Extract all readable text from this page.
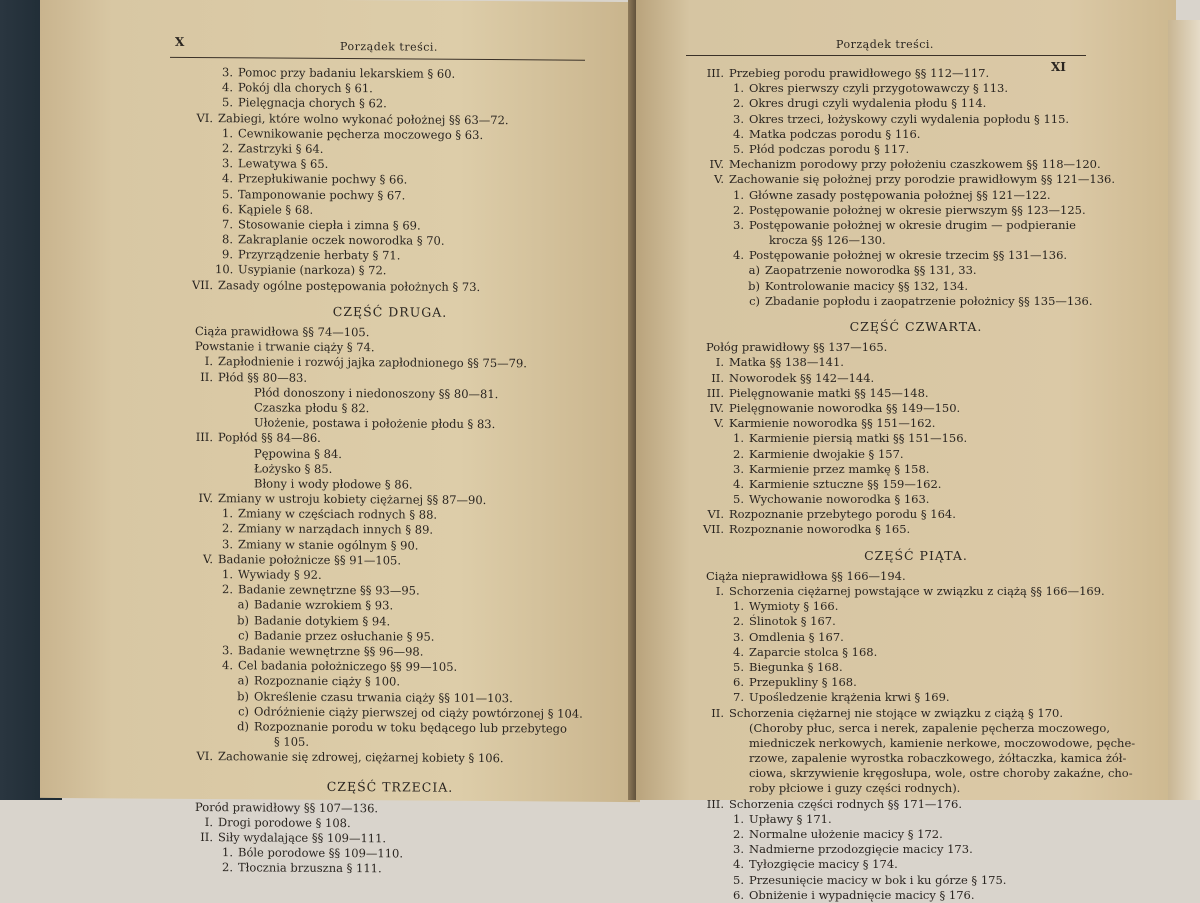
X	Porządek treści.
3. Pomoc przy badaniu lekarskiem § 60.
4. Pokój dla chorych § 61.
5. Pielęgnacja chorych § 62.
VI. Zabiegi, które wolno wykonać położnej §§ 63—72.
1. Cewnikowanie pęcherza moczowego § 63.
2. Zastrzyki § 64.
3. Lewatywa § 65.
4. Przepłukiwanie pochwy § 66.
5. Tamponowanie pochwy § 67.
6. Kąpiele § 68.
7. Stosowanie ciepła i zimna § 69.
8. Zakraplanie oczek noworodka § 70.
9. Przyrządzenie herbaty § 71.
10. Usypianie (narkoza) § 72.
VII. Zasady ogólne postępowania położnych § 73.
CZĘŚĆ DRUGA.
Ciąża prawidłowa §§ 74—105.
Powstanie i trwanie ciąży § 74.
I. Zapłodnienie i rozwój jajka zapłodnionego §§ 75—79.
II. Płód §§ 80—83.
Płód donoszony i niedonoszony §§ 80—81.
Czaszka płodu § 82.
Ułożenie, postawa i położenie płodu § 83.
III. Popłód §§ 84—86.
Pępowina § 84.
Łożysko § 85.
Błony i wody płodowe § 86.
IV. Zmiany w ustroju kobiety ciężarnej §§ 87—90.
1. Zmiany w częściach rodnych § 88.
2. Zmiany w narządach innych § 89.
3. Zmiany w stanie ogólnym § 90.
V. Badanie położnicze §§ 91—105.
1. Wywiady § 92.
2. Badanie zewnętrzne §§ 93—95.
a) Badanie wzrokiem § 93.
b) Badanie dotykiem § 94.
c) Badanie przez osłuchanie § 95.
3. Badanie wewnętrzne §§ 96—98.
4. Cel badania położniczego §§ 99—105.
a) Rozpoznanie ciąży § 100.
b) Określenie czasu trwania ciąży §§ 101—103.
c) Odróżnienie ciąży pierwszej od ciąży powtórzonej § 104.
d) Rozpoznanie porodu w toku będącego lub przebytego
§ 105.
VI. Zachowanie się zdrowej, ciężarnej kobiety § 106.
CZĘŚĆ TRZECIA.
Poród prawidłowy §§ 107—136.
I. Drogi porodowe § 108.
II. Siły wydalające §§ 109—111.
1. Bóle porodowe §§ 109—110.
2. Tłocznia brzuszna § 111.
Porządek treści.
XI
III. Przebieg porodu prawidłowego §§ 112—117.
1. Okres pierwszy czyli przygotowawczy § 113.
2. Okres drugi czyli wydalenia płodu § 114.
3. Okres trzeci, łożyskowy czyli wydalenia popłodu § 115.
4. Matka podczas porodu § 116.
5. Płód podczas porodu § 117.
IV. Mechanizm porodowy przy położeniu czaszkowem §§ 118—120.
V. Zachowanie się położnej przy porodzie prawidłowym §§ 121—136.
1. Główne zasady postępowania położnej §§ 121—122.
2. Postępowanie położnej w okresie pierwszym §§ 123—125.
3. Postępowanie położnej w okresie drugim — podpieranie
krocza §§ 126—130.
4. Postępowanie położnej w okresie trzecim §§ 131—136.
a) Zaopatrzenie noworodka §§ 131, 33.
b) Kontrolowanie macicy §§ 132, 134.
c) Zbadanie popłodu i zaopatrzenie położnicy §§ 135—136.
CZĘŚĆ CZWARTA.
Połóg prawidłowy §§ 137—165.
I. Matka §§ 138—141.
II. Noworodek §§ 142—144.
III. Pielęgnowanie matki §§ 145—148.
IV. Pielęgnowanie noworodka §§ 149—150.
V. Karmienie noworodka §§ 151—162.
1. Karmienie piersią matki §§ 151—156.
2. Karmienie dwojakie § 157.
3. Karmienie przez mamkę § 158.
4. Karmienie sztuczne §§ 159—162.
5. Wychowanie noworodka § 163.
VI. Rozpoznanie przebytego porodu § 164.
VII. Rozpoznanie noworodka § 165.
CZĘŚĆ PIĄTA.
Ciąża nieprawidłowa §§ 166—194.
I. Schorzenia ciężarnej powstające w związku z ciążą §§ 166—169.
1. Wymioty § 166.
2. Ślinotok § 167.
3. Omdlenia § 167.
4. Zaparcie stolca § 168.
5. Biegunka § 168.
6. Przepukliny § 168.
7. Upośledzenie krążenia krwi § 169.
II. Schorzenia ciężarnej nie stojące w związku z ciążą § 170.
(Choroby płuc, serca i nerek, zapalenie pęcherza moczowego,
miedniczek nerkowych, kamienie nerkowe, moczowodowe, pęche-
rzowe, zapalenie wyrostka robaczkowego, żółtaczka, kamica żół-
ciowa, skrzywienie kręgosłupa, wole, ostre choroby zakaźne, cho-
roby płciowe i guzy części rodnych).
III. Schorzenia części rodnych §§ 171—176.
1. Upławy § 171.
2. Normalne ułożenie macicy § 172.
3. Nadmierne przodozgięcie macicy 173.
4. Tyłozgięcie macicy § 174.
5. Przesunięcie macicy w bok i ku górze § 175.
6. Obniżenie i wypadnięcie macicy § 176.
